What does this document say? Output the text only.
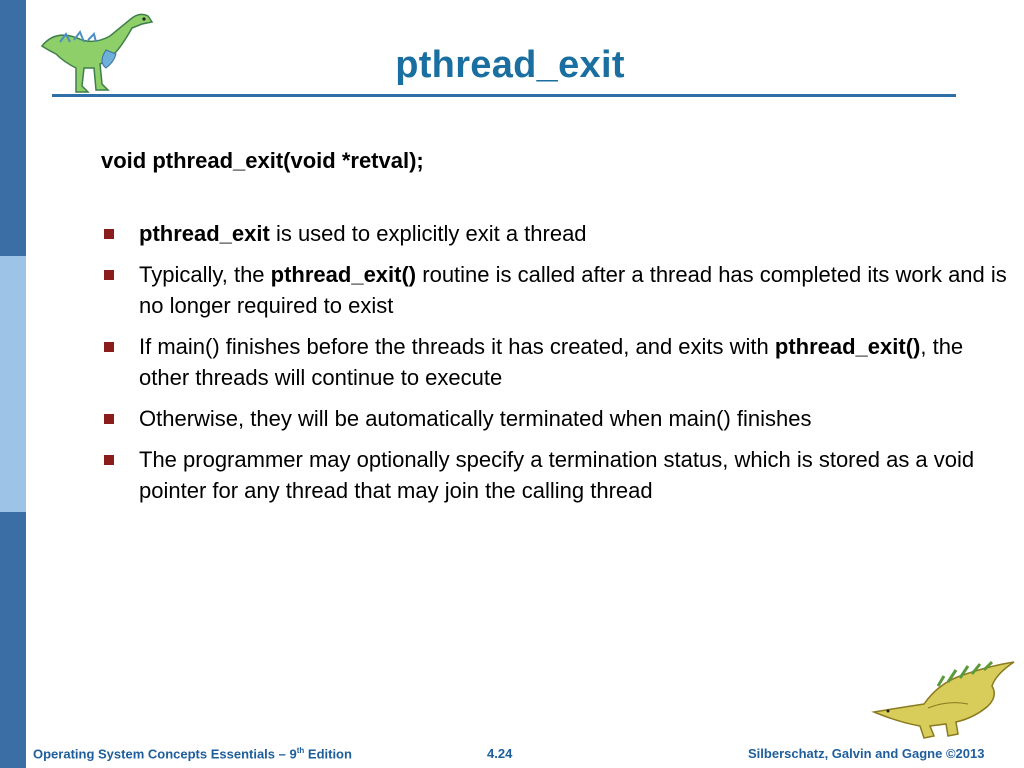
pthread_exit
void pthread_exit(void *retval);
pthread_exit is used to explicitly exit a thread
Typically, the pthread_exit() routine is called after a thread has completed its work and is no longer required to exist
If main() finishes before the threads it has created, and exits with pthread_exit(), the other threads will continue to execute
Otherwise, they will be automatically terminated when main() finishes
The programmer may optionally specify a termination status, which is stored as a void pointer for any thread that may join the calling thread
Operating System Concepts Essentials – 9th Edition	4.24	Silberschatz, Galvin and Gagne ©2013
